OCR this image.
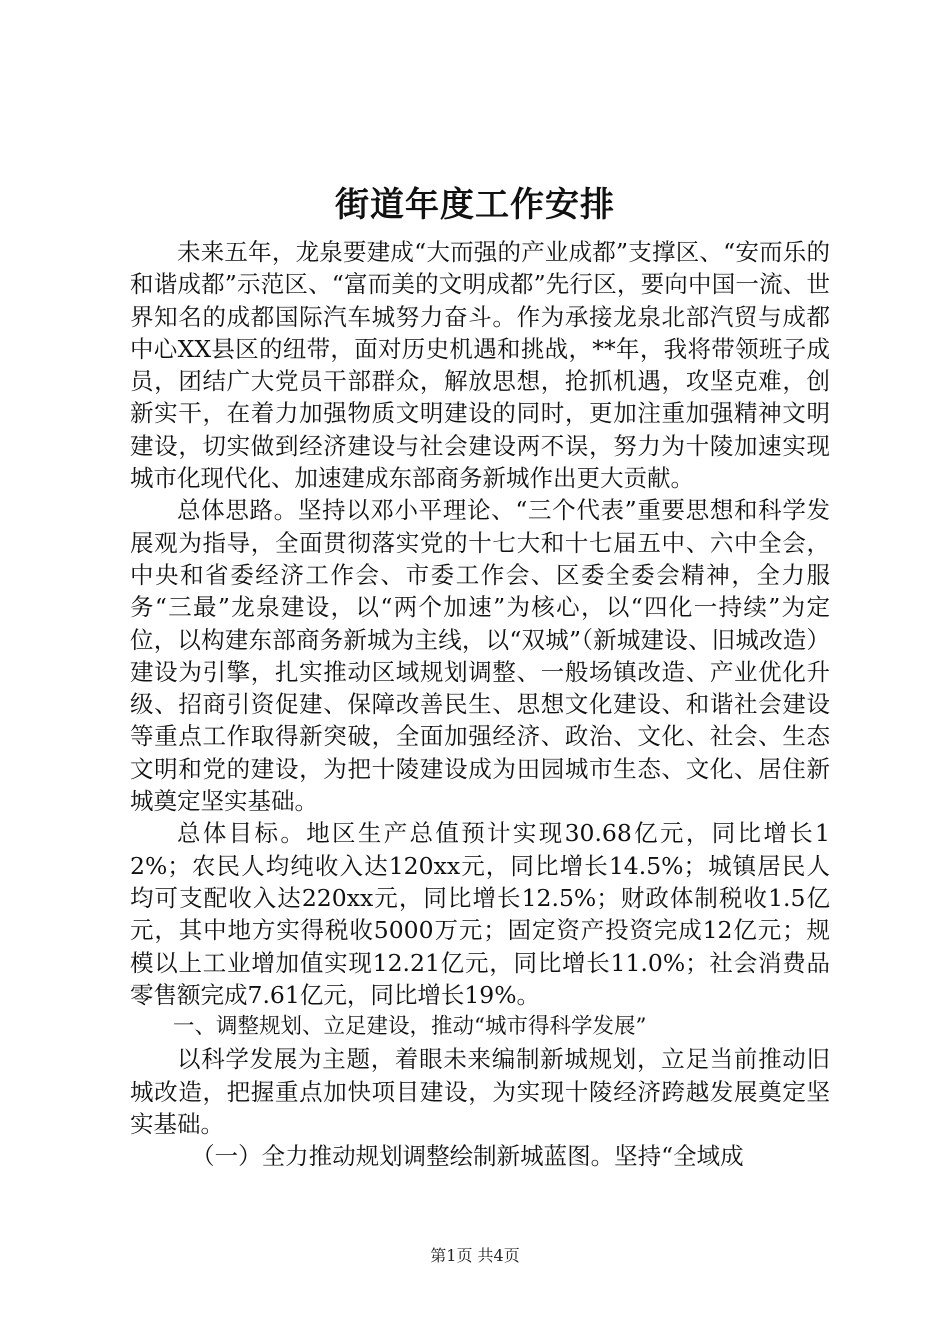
街道年度工作安排

未来五年，龙泉要建成“大而强的产业成都”支撑区、“安而乐的和谐成都”示范区、“富而美的文明成都”先行区，要向中国一流、世界知名的成都国际汽车城努力奋斗。作为承接龙泉北部汽贸与成都中心XX县区的纽带，面对历史机遇和挑战，**年，我将带领班子成员，团结广大党员干部群众，解放思想，抢抓机遇，攻坚克难，创新实干，在着力加强物质文明建设的同时，更加注重加强精神文明建设，切实做到经济建设与社会建设两不误，努力为十陵加速实现城市化现代化、加速建成东部商务新城作出更大贡献。

总体思路。坚持以邓小平理论、“三个代表”重要思想和科学发展观为指导，全面贯彻落实党的十七大和十七届五中、六中全会，中央和省委经济工作会、市委工作会、区委全委会精神，全力服务“三最”龙泉建设，以“两个加速”为核心，以“四化一持续”为定位，以构建东部商务新城为主线，以“双城”（新城建设、旧城改造）建设为引擎，扎实推动区域规划调整、一般场镇改造、产业优化升级、招商引资促建、保障改善民生、思想文化建设、和谐社会建设等重点工作取得新突破，全面加强经济、政治、文化、社会、生态文明和党的建设，为把十陵建设成为田园城市生态、文化、居住新城奠定坚实基础。

总体目标。地区生产总值预计实现30.68亿元，同比增长12%；农民人均纯收入达120xx元，同比增长14.5%；城镇居民人均可支配收入达220xx元，同比增长12.5%；财政体制税收1.5亿元，其中地方实得税收5000万元；固定资产投资完成12亿元；规模以上工业增加值实现12.21亿元，同比增长11.0%；社会消费品零售额完成7.61亿元，同比增长19%。

一、调整规划、立足建设，推动“城市得科学发展”

以科学发展为主题，着眼未来编制新城规划，立足当前推动旧城改造，把握重点加快项目建设，为实现十陵经济跨越发展奠定坚实基础。

（一）全力推动规划调整绘制新城蓝图。坚持“全域成

第1页 共4页
